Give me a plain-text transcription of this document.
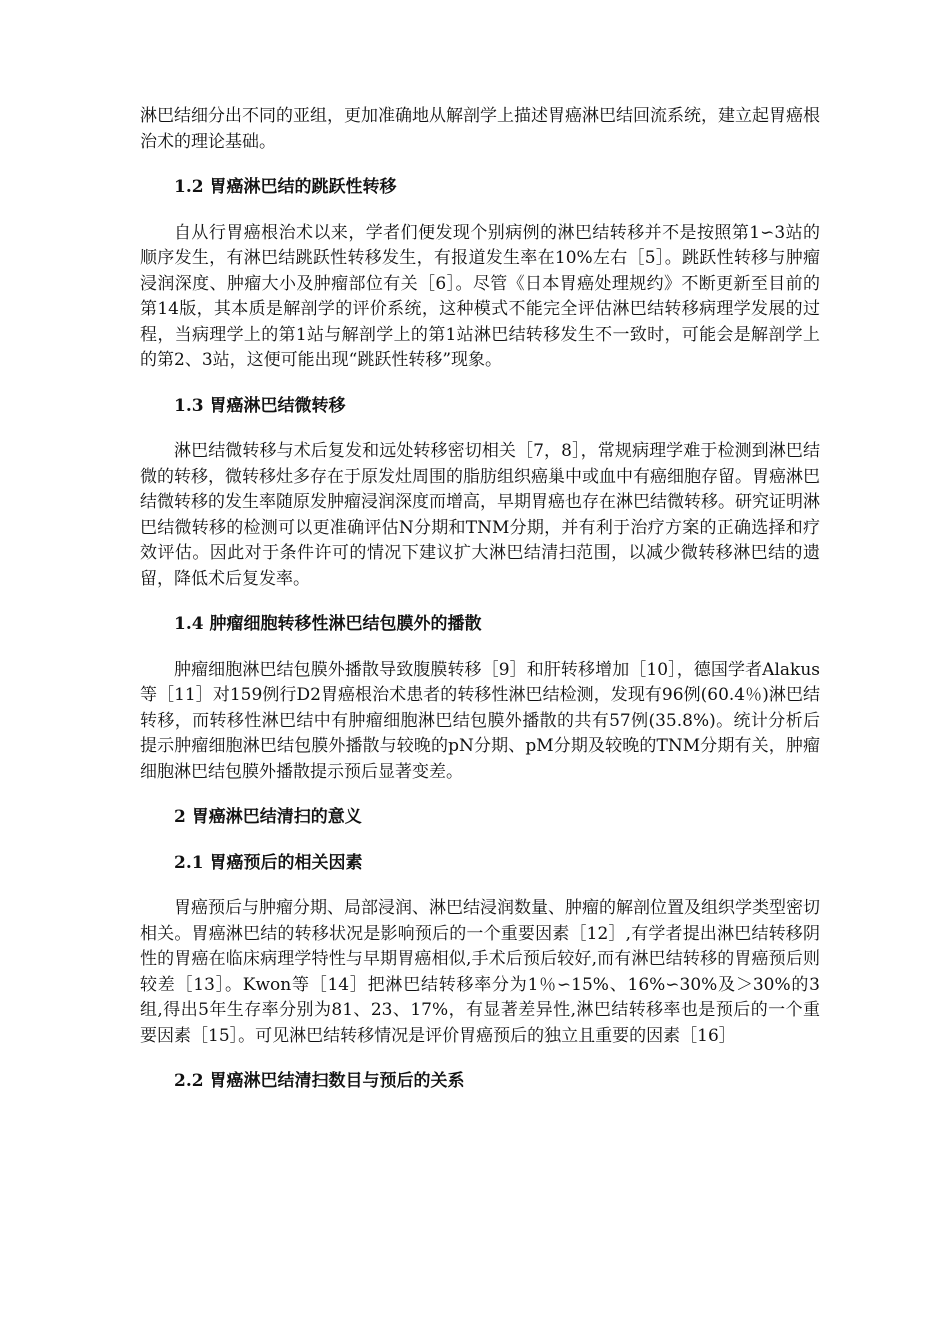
淋巴结细分出不同的亚组，更加准确地从解剖学上描述胃癌淋巴结回流系统，建立起胃癌根治术的理论基础。

1.2 胃癌淋巴结的跳跃性转移

自从行胃癌根治术以来，学者们便发现个别病例的淋巴结转移并不是按照第1∽3站的顺序发生，有淋巴结跳跃性转移发生，有报道发生率在10%左右［5］。跳跃性转移与肿瘤浸润深度、肿瘤大小及肿瘤部位有关［6］。尽管《日本胃癌处理规约》不断更新至目前的第14版，其本质是解剖学的评价系统，这种模式不能完全评估淋巴结转移病理学发展的过程，当病理学上的第1站与解剖学上的第1站淋巴结转移发生不一致时，可能会是解剖学上的第2、3站，这便可能出现“跳跃性转移”现象。

1.3 胃癌淋巴结微转移

淋巴结微转移与术后复发和远处转移密切相关［7，8］，常规病理学难于检测到淋巴结微的转移，微转移灶多存在于原发灶周围的脂肪组织癌巢中或血中有癌细胞存留。胃癌淋巴结微转移的发生率随原发肿瘤浸润深度而增高，早期胃癌也存在淋巴结微转移。研究证明淋巴结微转移的检测可以更准确评估N分期和TNM分期，并有利于治疗方案的正确选择和疗效评估。因此对于条件许可的情况下建议扩大淋巴结清扫范围，以减少微转移淋巴结的遗留，降低术后复发率。

1.4 肿瘤细胞转移性淋巴结包膜外的播散

肿瘤细胞淋巴结包膜外播散导致腹膜转移［9］和肝转移增加［10］，德国学者Alakus等［11］对159例行D2胃癌根治术患者的转移性淋巴结检测，发现有96例(60.4％)淋巴结转移，而转移性淋巴结中有肿瘤细胞淋巴结包膜外播散的共有57例(35.8%)。统计分析后提示肿瘤细胞淋巴结包膜外播散与较晚的pN分期、pM分期及较晚的TNM分期有关，肿瘤细胞淋巴结包膜外播散提示预后显著变差。

2 胃癌淋巴结清扫的意义
2.1 胃癌预后的相关因素

胃癌预后与肿瘤分期、局部浸润、淋巴结浸润数量、肿瘤的解剖位置及组织学类型密切相关。胃癌淋巴结的转移状况是影响预后的一个重要因素［12］,有学者提出淋巴结转移阴性的胃癌在临床病理学特性与早期胃癌相似,手术后预后较好,而有淋巴结转移的胃癌预后则较差［13］。Kwon等［14］把淋巴结转移率分为1％∽15%、16%∽30%及＞30%的3组,得出5年生存率分别为81、23、17%，有显著差异性,淋巴结转移率也是预后的一个重要因素［15］。可见淋巴结转移情况是评价胃癌预后的独立且重要的因素［16］

2.2 胃癌淋巴结清扫数目与预后的关系
